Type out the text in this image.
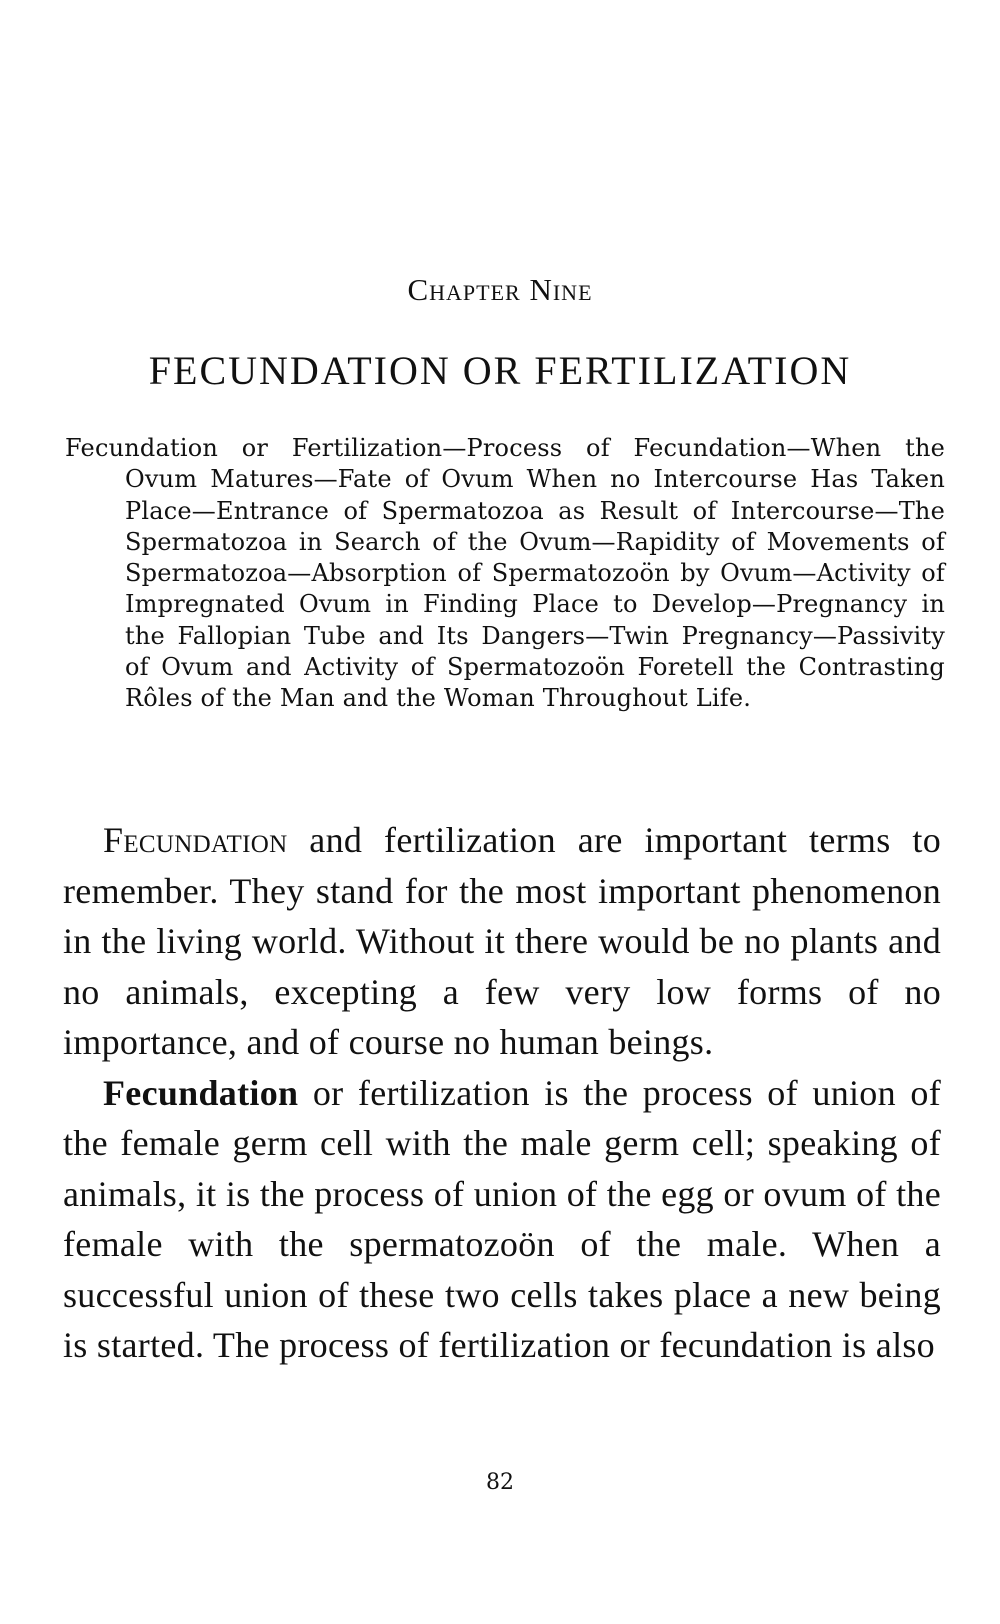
Chapter Nine
FECUNDATION OR FERTILIZATION

Fecundation or Fertilization—Process of Fecundation—When the Ovum Matures—Fate of Ovum When no Intercourse Has Taken Place—Entrance of Spermatozoa as Result of Intercourse—The Spermatozoa in Search of the Ovum—Rapidity of Movements of Spermatozoa—Absorption of Spermatozoön by Ovum—Activity of Impregnated Ovum in Finding Place to Develop—Pregnancy in the Fallopian Tube and Its Dangers—Twin Pregnancy—Passivity of Ovum and Activity of Spermatozoön Foretell the Contrasting Rôles of the Man and the Woman Throughout Life.

Fecundation and fertilization are important terms to remember. They stand for the most important phenomenon in the living world. Without it there would be no plants and no animals, excepting a few very low forms of no importance, and of course no human beings.

Fecundation or fertilization is the process of union of the female germ cell with the male germ cell; speaking of animals, it is the process of union of the egg or ovum of the female with the spermatozoön of the male. When a successful union of these two cells takes place a new being is started. The process of fertilization or fecundation is also

82
